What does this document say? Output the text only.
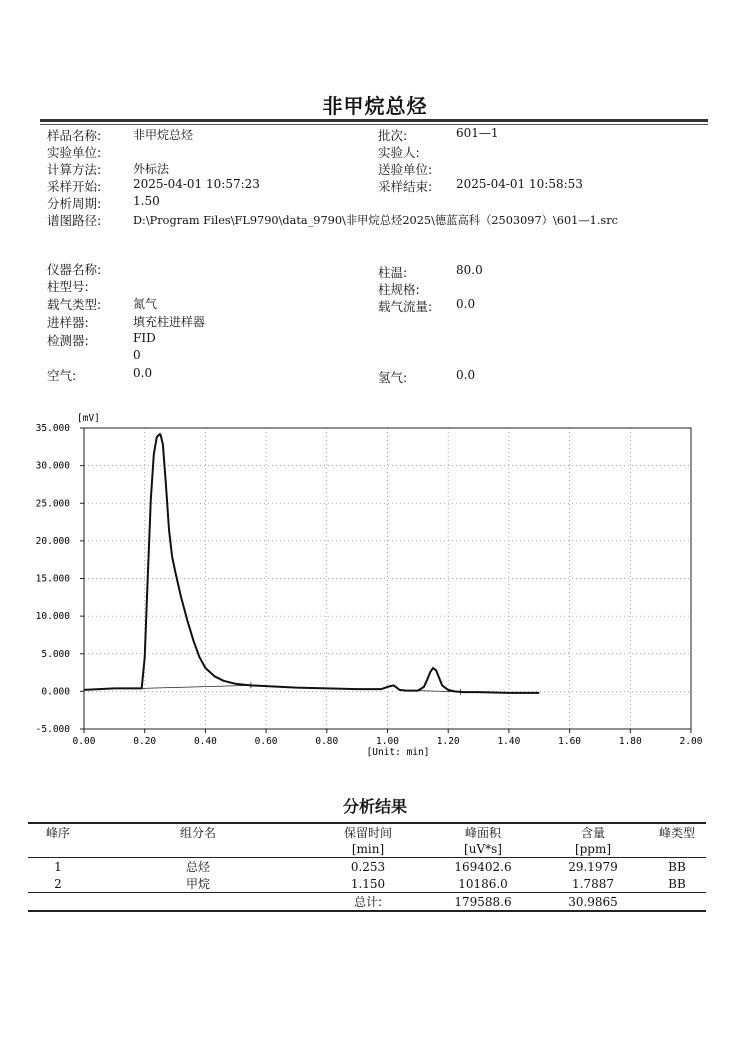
非甲烷总烃
样品名称:	非甲烷总烃
实验单位:
计算方法:	外标法
采样开始:	2025-04-01 10:57:23
分析周期:	1.50
谱图路径:	D:\Program Files\FL9790\data_9790\非甲烷总烃2025\德蓝高科（2503097）\601—1.src
批次:	601—1
实验人:
送验单位:
采样结束: 2025-04-01 10:58:53
仪器名称:
柱型号:
载气类型:	氮气
进样器:	填充柱进样器
检测器:	FID
0
空气:	0.0
柱温:	80.0
柱规格:
载气流量: 0.0
氢气:	0.0
[mV]
[Unit: min]
35.000
30.000
25.000
20.000
15.000
10.000
5.000
0.000
-5.000
0.00	0.20	0.40	0.60	0.80	1.00	1.20	1.40	1.60	1.80	2.00
分析结果
峰序	组分名	保留时间	峰面积	含量	峰类型
		[min]	[uV*s]	[ppm]	
1	总烃	0.253	169402.6	29.1979	BB
2	甲烷	1.150	10186.0	1.7887	BB
		总计:	179588.6	30.9865	
